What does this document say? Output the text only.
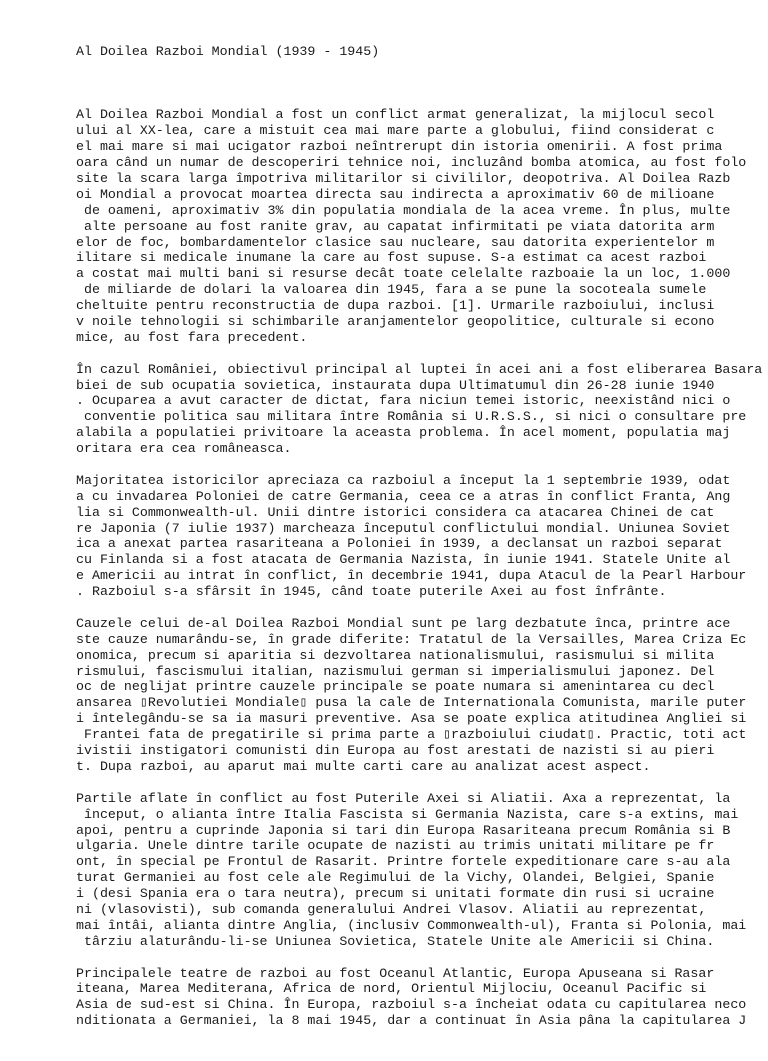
Al Doilea Razboi Mondial (1939 - 1945)

Al Doilea Razboi Mondial a fost un conflict armat generalizat, la mijlocul secol
ului al XX-lea, care a mistuit cea mai mare parte a globului, fiind considerat c
el mai mare si mai ucigator razboi neîntrerupt din istoria omenirii. A fost prima
oara când un numar de descoperiri tehnice noi, incluzând bomba atomica, au fost folo
site la scara larga împotriva militarilor si civililor, deopotriva. Al Doilea Razb
oi Mondial a provocat moartea directa sau indirecta a aproximativ 60 de milioane
de oameni, aproximativ 3% din populatia mondiala de la acea vreme. În plus, multe
alte persoane au fost ranite grav, au capatat infirmitati pe viata datorita arm
elor de foc, bombardamentelor clasice sau nucleare, sau datorita experientelor m
ilitare si medicale inumane la care au fost supuse. S-a estimat ca acest razboi
a costat mai multi bani si resurse decât toate celelalte razboaie la un loc, 1.000
de miliarde de dolari la valoarea din 1945, fara a se pune la socoteala sumele
cheltuite pentru reconstructia de dupa razboi. [1]. Urmarile razboiului, inclusi
v noile tehnologii si schimbarile aranjamentelor geopolitice, culturale si econo
mice, au fost fara precedent.
În cazul României, obiectivul principal al luptei în acei ani a fost eliberarea Basara
biei de sub ocupatia sovietica, instaurata dupa Ultimatumul din 26-28 iunie 1940
. Ocuparea a avut caracter de dictat, fara niciun temei istoric, neexistând nici o
conventie politica sau militara între România si U.R.S.S., si nici o consultare pre
alabila a populatiei privitoare la aceasta problema. În acel moment, populatia maj
oritara era cea româneasca.
Majoritatea istoricilor apreciaza ca razboiul a început la 1 septembrie 1939, odat
a cu invadarea Poloniei de catre Germania, ceea ce a atras în conflict Franta, Ang
lia si Commonwealth-ul. Unii dintre istorici considera ca atacarea Chinei de cat
re Japonia (7 iulie 1937) marcheaza începutul conflictului mondial. Uniunea Soviet
ica a anexat partea rasariteana a Poloniei în 1939, a declansat un razboi separat
cu Finlanda si a fost atacata de Germania Nazista, în iunie 1941. Statele Unite al
e Americii au intrat în conflict, în decembrie 1941, dupa Atacul de la Pearl Harbour
. Razboiul s-a sfârsit în 1945, când toate puterile Axei au fost înfrânte.
Cauzele celui de-al Doilea Razboi Mondial sunt pe larg dezbatute înca, printre ace
ste cauze numarându-se, în grade diferite: Tratatul de la Versailles, Marea Criza Ec
onomica, precum si aparitia si dezvoltarea nationalismului, rasismului si milita
rismului, fascismului italian, nazismului german si imperialismului japonez. Del
oc de neglijat printre cauzele principale se poate numara si amenintarea cu decl
ansarea ▯Revolutiei Mondiale▯ pusa la cale de Internationala Comunista, marile puter
i întelegându-se sa ia masuri preventive. Asa se poate explica atitudinea Angliei si
Frantei fata de pregatirile si prima parte a ▯razboiului ciudat▯. Practic, toti act
ivistii instigatori comunisti din Europa au fost arestati de nazisti si au pieri
t. Dupa razboi, au aparut mai multe carti care au analizat acest aspect.
Partile aflate în conflict au fost Puterile Axei si Aliatii. Axa a reprezentat, la
început, o alianta între Italia Fascista si Germania Nazista, care s-a extins, mai
apoi, pentru a cuprinde Japonia si tari din Europa Rasariteana precum România si B
ulgaria. Unele dintre tarile ocupate de nazisti au trimis unitati militare pe fr
ont, în special pe Frontul de Rasarit. Printre fortele expeditionare care s-au ala
turat Germaniei au fost cele ale Regimului de la Vichy, Olandei, Belgiei, Spanie
i (desi Spania era o tara neutra), precum si unitati formate din rusi si ucraine
ni (vlasovisti), sub comanda generalului Andrei Vlasov. Aliatii au reprezentat,
mai întâi, alianta dintre Anglia, (inclusiv Commonwealth-ul), Franta si Polonia, mai
târziu alaturându-li-se Uniunea Sovietica, Statele Unite ale Americii si China.
Principalele teatre de razboi au fost Oceanul Atlantic, Europa Apuseana si Rasar
iteana, Marea Mediterana, Africa de nord, Orientul Mijlociu, Oceanul Pacific si
Asia de sud-est si China. În Europa, razboiul s-a încheiat odata cu capitularea neco
nditionata a Germaniei, la 8 mai 1945, dar a continuat în Asia pâna la capitularea J
